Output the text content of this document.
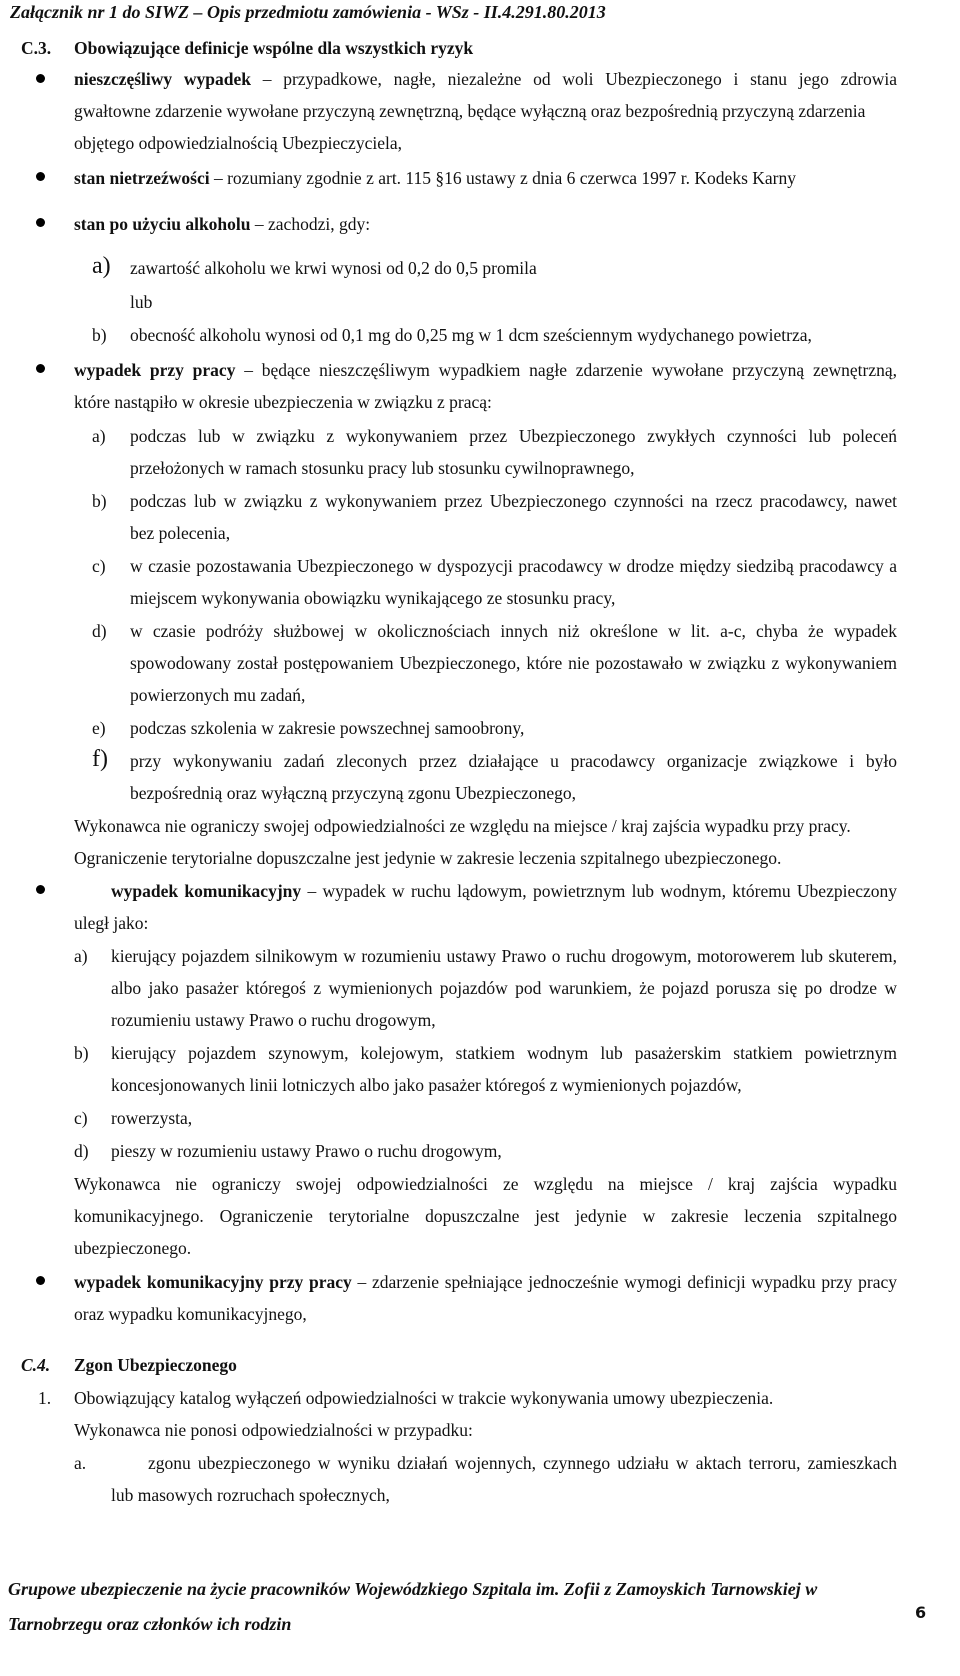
Załącznik nr 1 do SIWZ – Opis przedmiotu zamówienia - WSz - II.4.291.80.2013
C.3. Obowiązujące definicje wspólne dla wszystkich ryzyk
nieszczęśliwy wypadek – przypadkowe, nagłe, niezależne od woli Ubezpieczonego i stanu jego zdrowia
gwałtowne zdarzenie wywołane przyczyną zewnętrzną, będące wyłączną oraz bezpośrednią przyczyną zdarzenia
objętego odpowiedzialnością Ubezpieczyciela,
stan nietrzeźwości – rozumiany zgodnie z art. 115 §16 ustawy z dnia 6 czerwca 1997 r. Kodeks Karny
stan po użyciu alkoholu – zachodzi, gdy:
a) zawartość alkoholu we krwi wynosi od 0,2 do 0,5 promila
lub
b) obecność alkoholu wynosi od 0,1 mg do 0,25 mg w 1 dcm sześciennym wydychanego powietrza,
wypadek przy pracy – będące nieszczęśliwym wypadkiem nagłe zdarzenie wywołane przyczyną zewnętrzną,
które nastąpiło w okresie ubezpieczenia w związku z pracą:
a) podczas lub w związku z wykonywaniem przez Ubezpieczonego zwykłych czynności lub poleceń
przełożonych w ramach stosunku pracy lub stosunku cywilnoprawnego,
b) podczas lub w związku z wykonywaniem przez Ubezpieczonego czynności na rzecz pracodawcy, nawet
bez polecenia,
c) w czasie pozostawania Ubezpieczonego w dyspozycji pracodawcy w drodze między siedzibą pracodawcy a
miejscem wykonywania obowiązku wynikającego ze stosunku pracy,
d) w czasie podróży służbowej w okolicznościach innych niż określone w lit. a-c, chyba że wypadek
spowodowany został postępowaniem Ubezpieczonego, które nie pozostawało w związku z wykonywaniem
powierzonych mu zadań,
e) podczas szkolenia w zakresie powszechnej samoobrony,
f) przy wykonywaniu zadań zleconych przez działające u pracodawcy organizacje związkowe i było
bezpośrednią oraz wyłączną przyczyną zgonu Ubezpieczonego,
Wykonawca nie ograniczy swojej odpowiedzialności ze względu na miejsce / kraj zajścia wypadku przy pracy.
Ograniczenie terytorialne dopuszczalne jest jedynie w zakresie leczenia szpitalnego ubezpieczonego.
wypadek komunikacyjny – wypadek w ruchu lądowym, powietrznym lub wodnym, któremu Ubezpieczony
uległ jako:
a) kierujący pojazdem silnikowym w rozumieniu ustawy Prawo o ruchu drogowym, motorowerem lub skuterem,
albo jako pasażer któregoś z wymienionych pojazdów pod warunkiem, że pojazd porusza się po drodze w
rozumieniu ustawy Prawo o ruchu drogowym,
b) kierujący pojazdem szynowym, kolejowym, statkiem wodnym lub pasażerskim statkiem powietrznym
koncesjonowanych linii lotniczych albo jako pasażer któregoś z wymienionych pojazdów,
c) rowerzysta,
d) pieszy w rozumieniu ustawy Prawo o ruchu drogowym,
Wykonawca nie ograniczy swojej odpowiedzialności ze względu na miejsce / kraj zajścia wypadku
komunikacyjnego. Ograniczenie terytorialne dopuszczalne jest jedynie w zakresie leczenia szpitalnego
ubezpieczonego.
wypadek komunikacyjny przy pracy – zdarzenie spełniające jednocześnie wymogi definicji wypadku przy pracy
oraz wypadku komunikacyjnego,
C.4. Zgon Ubezpieczonego
1. Obowiązujący katalog wyłączeń odpowiedzialności w trakcie wykonywania umowy ubezpieczenia.
Wykonawca nie ponosi odpowiedzialności w przypadku:
a.	zgonu ubezpieczonego w wyniku działań wojennych, czynnego udziału w aktach terroru, zamieszkach
lub masowych rozruchach społecznych,
Grupowe ubezpieczenie na życie pracowników Wojewódzkiego Szpitala im. Zofii z Zamoyskich Tarnowskiej w
Tarnobrzegu oraz członków ich rodzin
6
